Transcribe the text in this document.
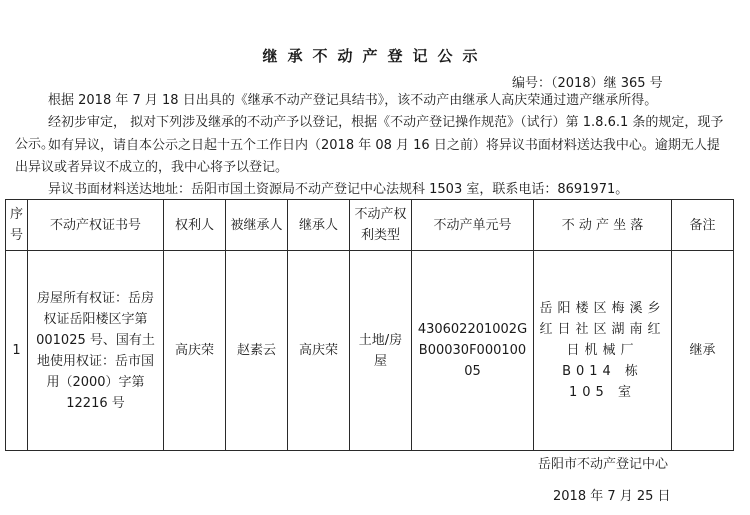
继承不动产登记公示
编号：（2018）继 365 号
根据 2018 年 7 月 18 日出具的《继承不动产登记具结书》，该不动产由继承人高庆荣通过遗产继承所得。
经初步审定， 拟对下列涉及继承的不动产予以登记，根据《不动产登记操作规范》（试行）第 1.8.6.1 条的规定，现予公示。
如有异议，请自本公示之日起十五个工作日内（2018 年 08 月 16 日之前）将异议书面材料送达我中心。逾期无人提出异议或者异议不成立的，我中心将予以登记。
异议书面材料送达地址：岳阳市国土资源局不动产登记中心法规科 1503 室，联系电话：8691971。
序号	不动产权证书号	权利人	被继承人	继承人	不动产权利类型	不动产单元号	不 动 产 坐 落	备注
1	房屋所有权证：岳房权证岳阳楼区字第 001025 号、国有土地使用权证：岳市国用（2000）字第 12216 号	高庆荣	赵素云	高庆荣	土地/房屋	430602201002GB00030F00010005	岳阳楼区梅溪乡红日社区湖南红日机械厂 B014 栋 105 室	继承
岳阳市不动产登记中心
2018 年 7 月 25 日
